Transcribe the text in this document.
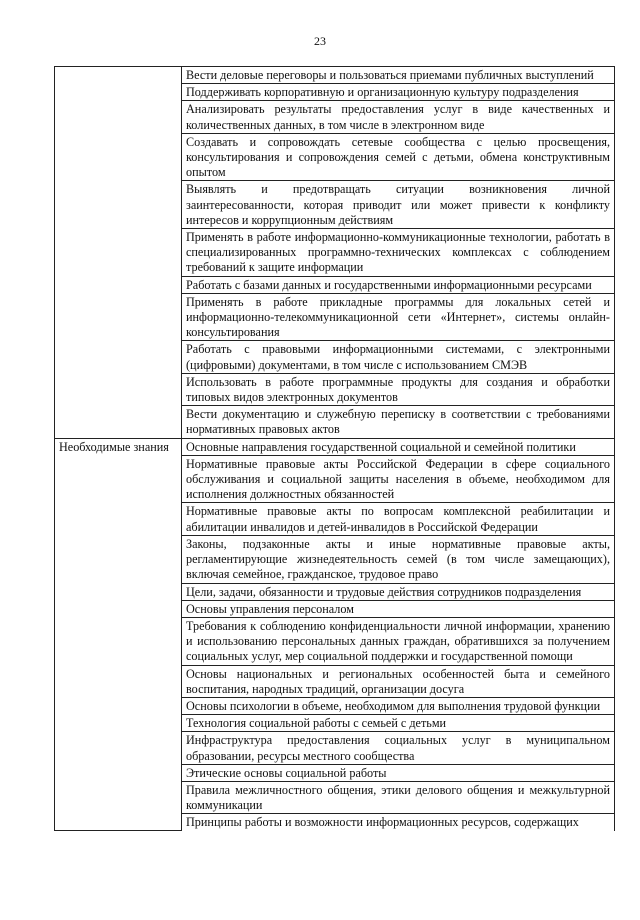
23
	Вести деловые переговоры и пользоваться приемами публичных выступлений
	Поддерживать корпоративную и организационную культуру подразделения
	Анализировать результаты предоставления услуг в виде качественных и количественных данных, в том числе в электронном виде
	Создавать и сопровождать сетевые сообщества с целью просвещения, консультирования и сопровождения семей с детьми, обмена конструктивным опытом
	Выявлять и предотвращать ситуации возникновения личной заинтересованности, которая приводит или может привести к конфликту интересов и коррупционным действиям
	Применять в работе информационно-коммуникационные технологии, работать в специализированных программно-технических комплексах с соблюдением требований к защите информации
	Работать с базами данных и государственными информационными ресурсами
	Применять в работе прикладные программы для локальных сетей и информационно-телекоммуникационной сети «Интернет», системы онлайн-консультирования
	Работать с правовыми информационными системами, с электронными (цифровыми) документами, в том числе с использованием СМЭВ
	Использовать в работе программные продукты для создания и обработки типовых видов электронных документов
	Вести документацию и служебную переписку в соответствии с требованиями нормативных правовых актов
Необходимые знания	Основные направления государственной социальной и семейной политики
	Нормативные правовые акты Российской Федерации в сфере социального обслуживания и социальной защиты населения в объеме, необходимом для исполнения должностных обязанностей
	Нормативные правовые акты по вопросам комплексной реабилитации и абилитации инвалидов и детей-инвалидов в Российской Федерации
	Законы, подзаконные акты и иные нормативные правовые акты, регламентирующие жизнедеятельность семей (в том числе замещающих), включая семейное, гражданское, трудовое право
	Цели, задачи, обязанности и трудовые действия сотрудников подразделения
	Основы управления персоналом
	Требования к соблюдению конфиденциальности личной информации, хранению и использованию персональных данных граждан, обратившихся за получением социальных услуг, мер социальной поддержки и государственной помощи
	Основы национальных и региональных особенностей быта и семейного воспитания, народных традиций, организации досуга
	Основы психологии в объеме, необходимом для выполнения трудовой функции
	Технология социальной работы с семьей с детьми
	Инфраструктура предоставления социальных услуг в муниципальном образовании, ресурсы местного сообщества
	Этические основы социальной работы
	Правила межличностного общения, этики делового общения и межкультурной коммуникации
	Принципы работы и возможности информационных ресурсов, содержащих
